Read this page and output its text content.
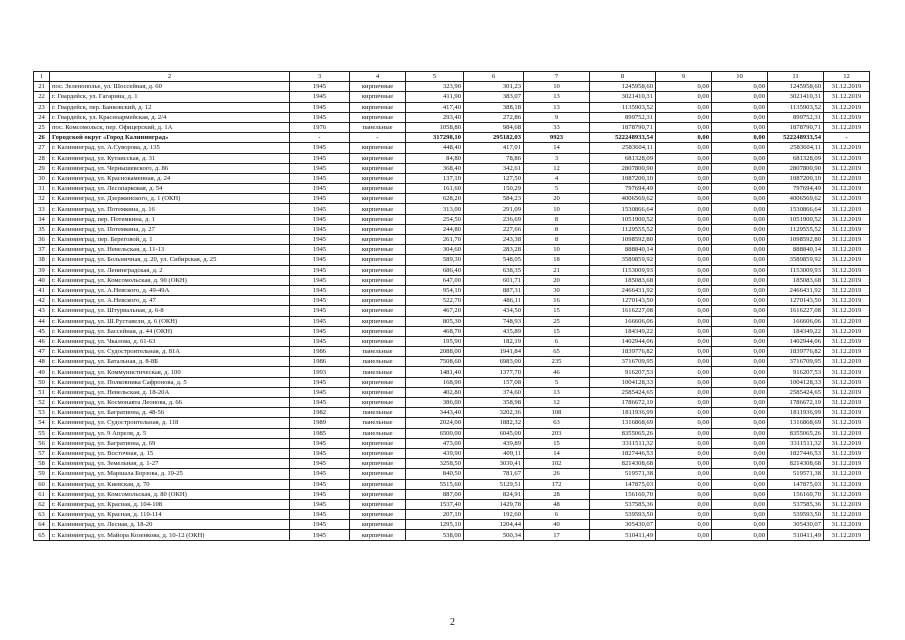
1	2	3	4	5	6	7	8	9	10	11	12
21	пос. Зеленополье, ул. Шоссейная, д. 60	1945	кирпичные	323,90	301,23	10	1245958,60	0,00	0,00	1245958,60	31.12.2019
22	г. Гвардейск, ул. Гагарина, д. 1	1945	кирпичные	411,90	383,07	13	3021410,31	0,00	0,00	3021410,31	31.12.2019
23	г. Гвардейск, пер. Банковский, д. 12	1945	кирпичные	417,40	388,18	13	1135903,52	0,00	0,00	1135903,52	31.12.2019
24	г. Гвардейск, ул. Красноармейская, д. 2/4	1945	кирпичные	293,40	272,86	9	899752,31	0,00	0,00	899752,31	31.12.2019
25	пос. Комсомольск, пер. Офицерский, д. 1А	1976	панельные	1058,80	984,68	33	1878790,71	0,00	0,00	1878790,71	31.12.2019
26	Городской округ «Город Калининград»	-	-	317298,10	295182,03	9923	522248933,54	0,00	0,00	522248933,54	-
27	г. Калининград, ул. А.Суворова, д. 135	1945	кирпичные	448,40	417,01	14	2583604,11	0,00	0,00	2583604,11	31.12.2019
28	г. Калининград, ул. Кутаисская, д. 31	1945	кирпичные	84,80	78,86	3	681328,09	0,00	0,00	681328,09	31.12.2019
29	г. Калининград, ул. Чернышевского, д. 86	1945	кирпичные	368,40	342,61	12	2807800,90	0,00	0,00	2807800,90	31.12.2019
30	г. Калининград, ул. Краснокаменная, д. 24	1945	кирпичные	137,10	127,50	4	1087200,10	0,00	0,00	1087200,10	31.12.2019
31	г. Калининград, ул. Лесопарковая, д. 54	1945	кирпичные	161,60	150,29	5	797694,49	0,00	0,00	797694,49	31.12.2019
32	г. Калининград, ул. Дзержинского, д. 1 (ОКН)	1945	кирпичные	628,20	584,23	20	4006569,62	0,00	0,00	4006569,62	31.12.2019
33	г. Калининград, ул. Потемкина, д. 16	1945	кирпичные	313,00	291,09	10	1530866,64	0,00	0,00	1530866,64	31.12.2019
34	г. Калининград, пер. Потемкина, д. 1	1945	кирпичные	254,50	236,69	8	1051900,52	0,00	0,00	1051900,52	31.12.2019
35	г. Калининград, ул. Потемкина, д. 27	1945	кирпичные	244,80	227,66	8	1129555,52	0,00	0,00	1129555,52	31.12.2019
36	г. Калининград, пер. Береговой, д. 1	1945	кирпичные	261,70	243,38	8	1098592,80	0,00	0,00	1098592,80	31.12.2019
37	г. Калининград, ул. Невельская, д. 11-13	1945	кирпичные	304,60	283,28	10	888840,14	0,00	0,00	888840,14	31.12.2019
38	г. Калининград, ул. Больничная, д. 20, ул. Сибирская, д. 25	1945	кирпичные	589,30	548,05	18	3589859,92	0,00	0,00	3589859,92	31.12.2019
39	г. Калининград, ул. Ленинградская, д. 2	1945	кирпичные	686,40	638,35	21	1153009,93	0,00	0,00	1153009,93	31.12.2019
40	г. Калининград, ул. Комсомольская, д. 90 (ОКН)	1945	кирпичные	647,00	601,71	20	185083,68	0,00	0,00	185083,68	31.12.2019
41	г. Калининград, ул. А.Невского, д. 49-49А	1945	кирпичные	954,10	887,31	30	2466431,92	0,00	0,00	2466431,92	31.12.2019
42	г. Калининград, ул. А.Невского, д. 47	1945	кирпичные	522,70	486,11	16	1270143,50	0,00	0,00	1270143,50	31.12.2019
43	г. Калининград, ул. Штурвальная, д. 6-8	1945	кирпичные	467,20	434,50	15	1616227,08	0,00	0,00	1616227,08	31.12.2019
44	г. Калининград, ул. Ш.Руставели, д. 6 (ОКН)	1945	кирпичные	805,30	748,93	25	166606,06	0,00	0,00	166606,06	31.12.2019
45	г. Калининград, ул. Бассейная, д. 44 (ОКН)	1945	кирпичные	468,70	435,89	15	184349,22	0,00	0,00	184349,22	31.12.2019
46	г. Калининград, ул. Чкалова, д. 61-63	1945	кирпичные	195,90	182,19	6	1402944,06	0,00	0,00	1402944,06	31.12.2019
47	г. Калининград, ул. Судостроительная, д. 81А	1986	панельные	2088,00	1941,84	65	1839776,82	0,00	0,00	1839776,82	31.12.2019
48	г. Калининград, ул. Батальная, д. 8-8Б	1986	панельные	7508,60	6983,00	235	3716709,95	0,00	0,00	3716709,95	31.12.2019
49	г. Калининград, ул. Коммунистическая, д. 100	1993	панельные	1481,40	1377,70	46	916207,53	0,00	0,00	916207,53	31.12.2019
50	г. Калининград, ул. Полковника Сафронова, д. 5	1945	кирпичные	168,90	157,08	5	1004128,33	0,00	0,00	1004128,33	31.12.2019
51	г. Калининград, ул. Невельская, д. 18-20А	1945	кирпичные	402,80	374,60	13	2585424,65	0,00	0,00	2585424,65	31.12.2019
52	г. Калининград, ул. Космонавта Леонова, д. 66	1945	кирпичные	386,00	358,98	12	1786672,19	0,00	0,00	1786672,19	31.12.2019
53	г. Калининград, ул. Багратиона, д. 48-56	1982	панельные	3443,40	3202,36	108	1811936,99	0,00	0,00	1811936,99	31.12.2019
54	г. Калининград, ул. Судостроительная, д. 118	1989	панельные	2024,00	1882,32	63	1316868,69	0,00	0,00	1316868,69	31.12.2019
55	г. Калининград, ул. 9 Апреля, д. 5	1985	панельные	6500,00	6045,00	203	8355065,26	0,00	0,00	8355065,26	31.12.2019
56	г. Калининград, ул. Багратиона, д. 69	1945	кирпичные	473,00	439,89	15	3311511,32	0,00	0,00	3311511,32	31.12.2019
57	г. Калининград, ул. Восточная, д. 15	1945	кирпичные	439,90	409,11	14	1827446,53	0,00	0,00	1827446,53	31.12.2019
58	г. Калининград, ул. Земельная, д. 1-27	1945	кирпичные	3258,50	3030,41	102	8214308,68	0,00	0,00	8214308,68	31.12.2019
59	г. Калининград, ул. Маршала Борзова, д. 19-25	1945	кирпичные	840,50	781,67	26	519571,38	0,00	0,00	519571,38	31.12.2019
60	г. Калининград, ул. Киевская, д. 70	1945	кирпичные	5515,60	5129,51	172	147875,03	0,00	0,00	147875,03	31.12.2019
61	г. Калининград, ул. Комсомольская, д. 80 (ОКН)	1945	кирпичные	887,00	824,91	28	156160,70	0,00	0,00	156160,70	31.12.2019
62	г. Калининград, ул. Красная, д. 104-108	1945	кирпичные	1537,40	1429,78	48	537585,36	0,00	0,00	537585,36	31.12.2019
63	г. Калининград, ул. Красная, д. 110-114	1945	кирпичные	207,10	192,60	6	539593,50	0,00	0,00	539593,50	31.12.2019
64	г. Калининград, ул. Лесная, д. 18-20	1945	кирпичные	1295,10	1204,44	40	305430,07	0,00	0,00	305430,07	31.12.2019
65	г. Калининград, ул. Майора Козенкова, д. 10-12 (ОКН)	1945	кирпичные	538,00	500,34	17	510411,49	0,00	0,00	510411,49	31.12.2019
2
